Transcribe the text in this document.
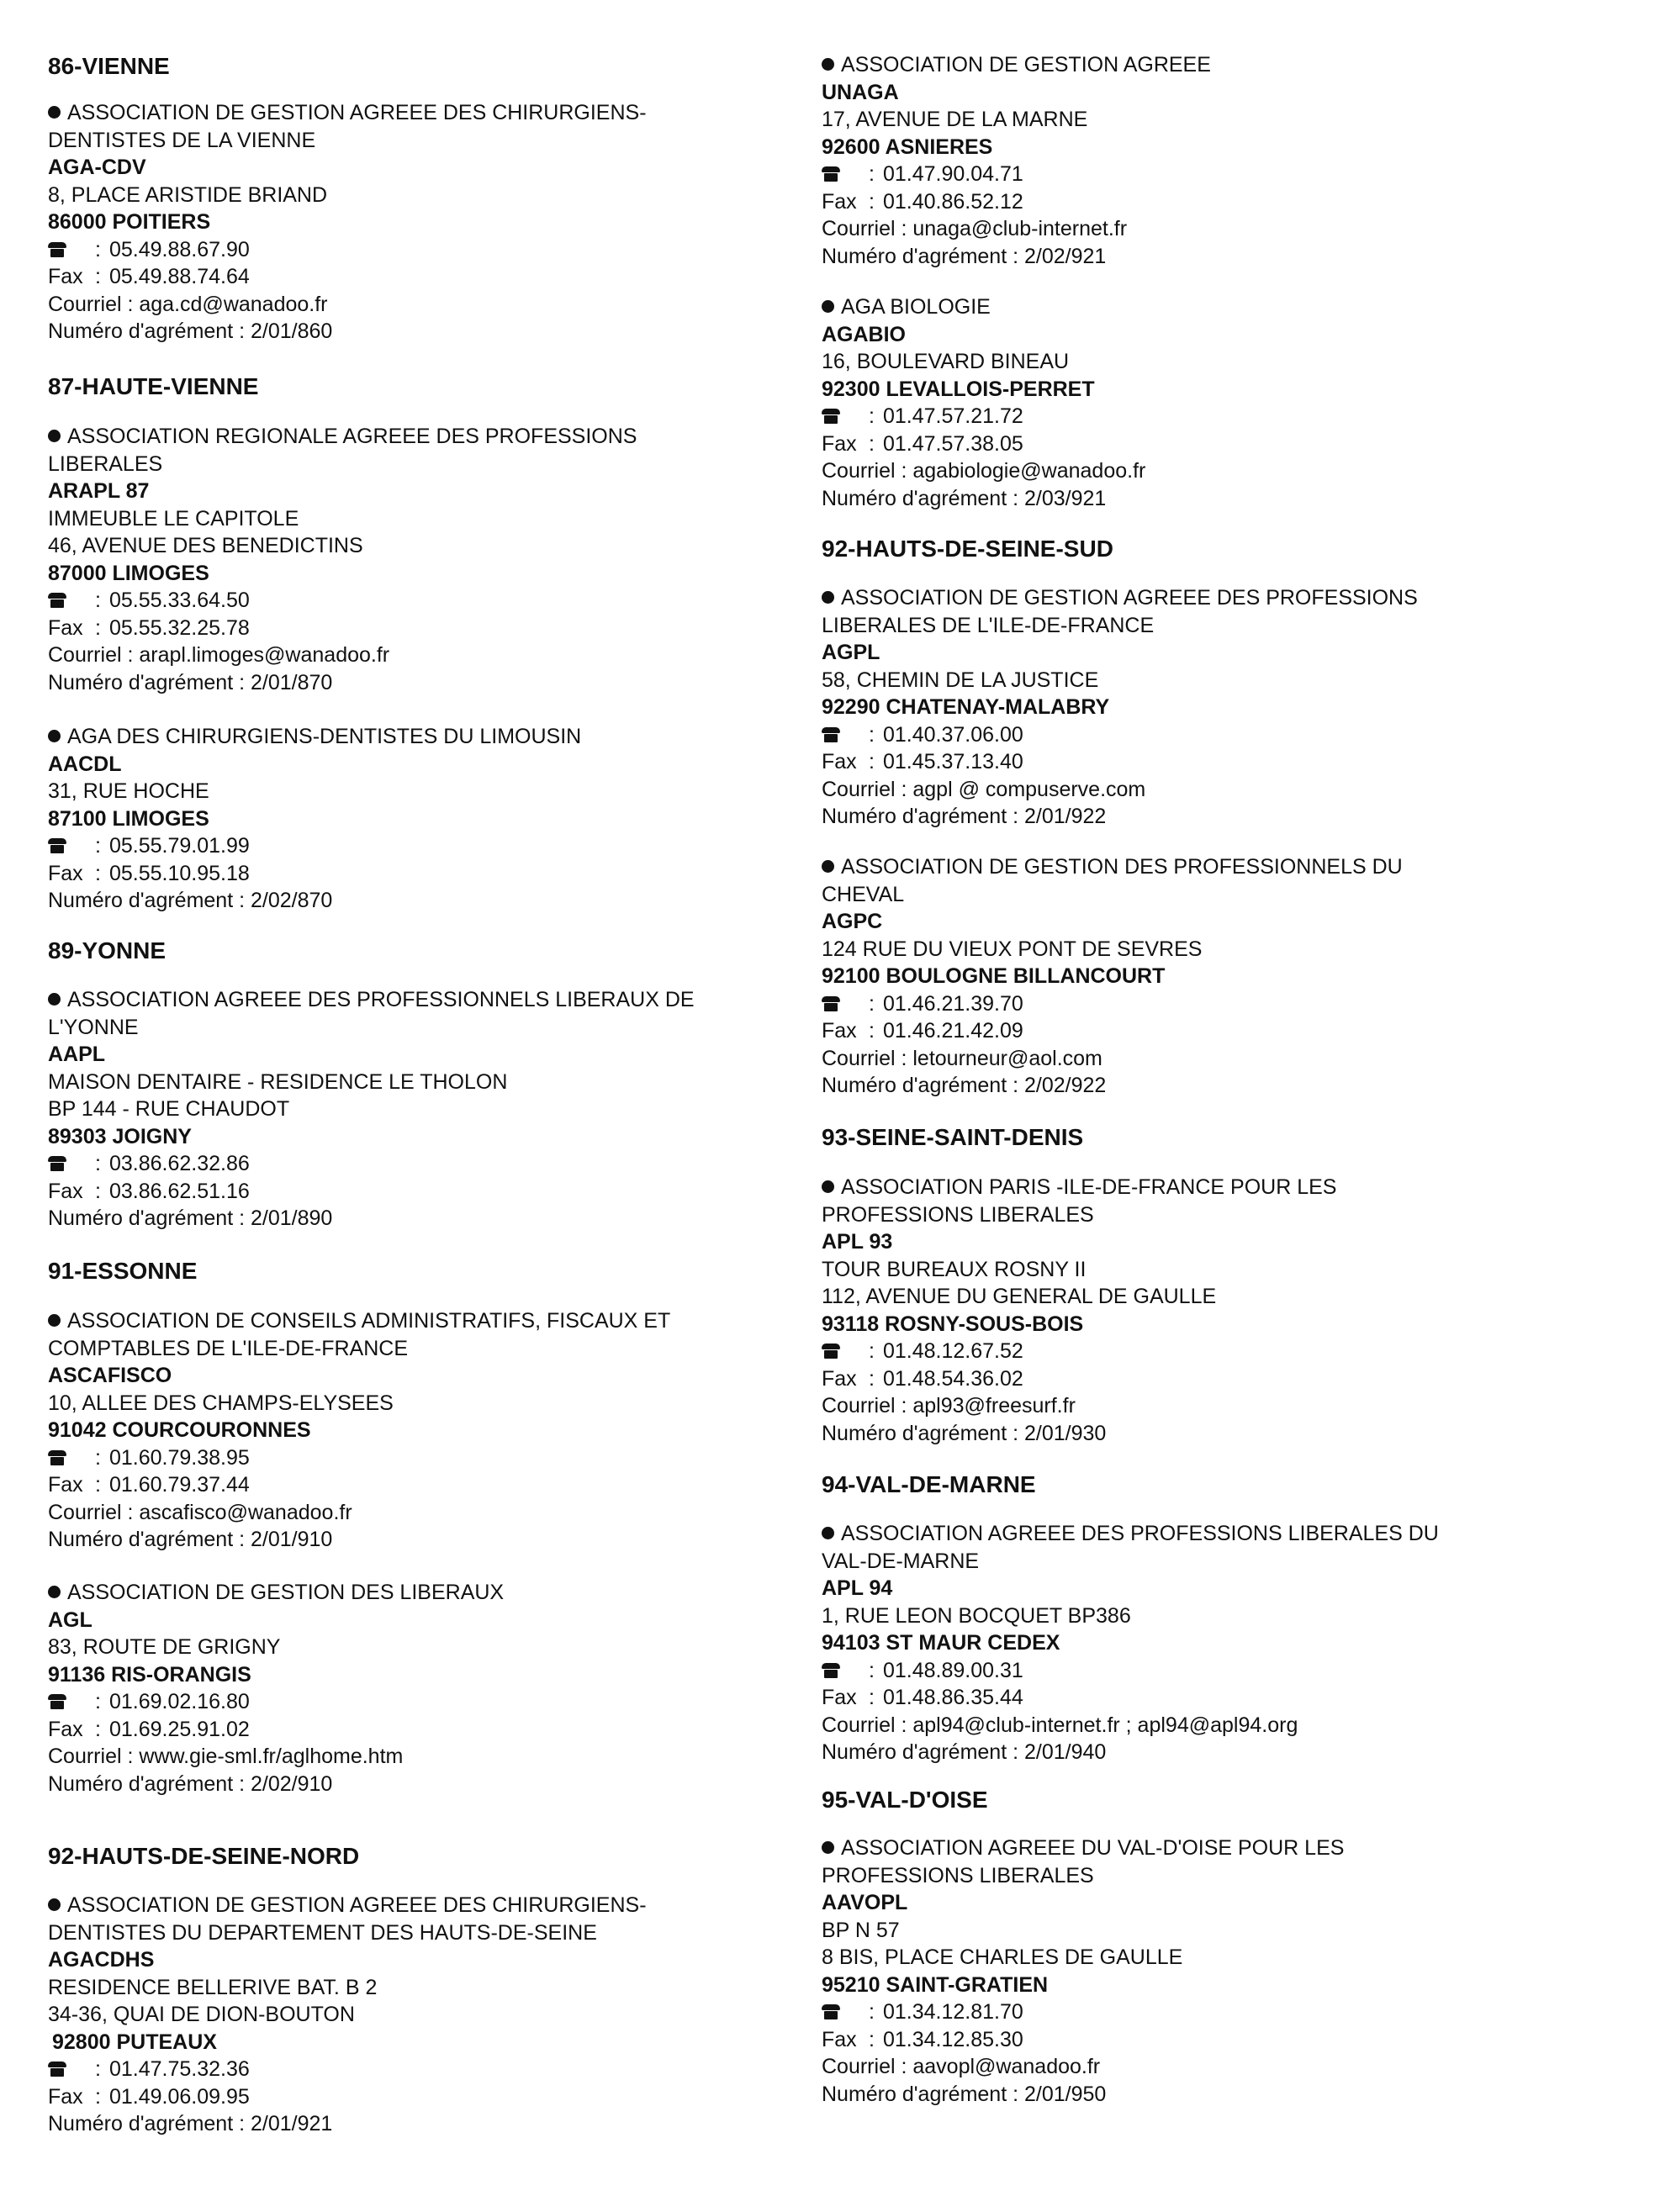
86-VIENNE
ASSOCIATION DE GESTION AGREEE DES CHIRURGIENS-
DENTISTES DE LA VIENNE
AGA-CDV
8, PLACE ARISTIDE BRIAND
86000 POITIERS
: 05.49.88.67.90
Fax : 05.49.88.74.64
Courriel : aga.cd@wanadoo.fr
Numéro d'agrément : 2/01/860
87-HAUTE-VIENNE
ASSOCIATION REGIONALE AGREEE DES PROFESSIONS
LIBERALES
ARAPL 87
IMMEUBLE LE CAPITOLE
46, AVENUE DES BENEDICTINS
87000 LIMOGES
: 05.55.33.64.50
Fax : 05.55.32.25.78
Courriel : arapl.limoges@wanadoo.fr
Numéro d'agrément : 2/01/870
AGA DES CHIRURGIENS-DENTISTES DU LIMOUSIN
AACDL
31, RUE HOCHE
87100 LIMOGES
: 05.55.79.01.99
Fax : 05.55.10.95.18
Numéro d'agrément : 2/02/870
89-YONNE
ASSOCIATION AGREEE DES PROFESSIONNELS LIBERAUX DE
L'YONNE
AAPL
MAISON DENTAIRE - RESIDENCE LE THOLON
BP 144 - RUE CHAUDOT
89303 JOIGNY
: 03.86.62.32.86
Fax : 03.86.62.51.16
Numéro d'agrément : 2/01/890
91-ESSONNE
ASSOCIATION DE CONSEILS ADMINISTRATIFS, FISCAUX ET
COMPTABLES DE L'ILE-DE-FRANCE
ASCAFISCO
10, ALLEE DES CHAMPS-ELYSEES
91042 COURCOURONNES
: 01.60.79.38.95
Fax : 01.60.79.37.44
Courriel : ascafisco@wanadoo.fr
Numéro d'agrément : 2/01/910
ASSOCIATION DE GESTION DES LIBERAUX
AGL
83, ROUTE DE GRIGNY
91136 RIS-ORANGIS
: 01.69.02.16.80
Fax : 01.69.25.91.02
Courriel : www.gie-sml.fr/aglhome.htm
Numéro d'agrément : 2/02/910
92-HAUTS-DE-SEINE-NORD
ASSOCIATION DE GESTION AGREEE DES CHIRURGIENS-
DENTISTES DU DEPARTEMENT DES HAUTS-DE-SEINE
AGACDHS
RESIDENCE BELLERIVE BAT. B 2
34-36, QUAI DE DION-BOUTON
92800 PUTEAUX
: 01.47.75.32.36
Fax : 01.49.06.09.95
Numéro d'agrément : 2/01/921
ASSOCIATION DE GESTION AGREEE
UNAGA
17, AVENUE DE LA MARNE
92600 ASNIERES
: 01.47.90.04.71
Fax : 01.40.86.52.12
Courriel : unaga@club-internet.fr
Numéro d'agrément : 2/02/921
AGA BIOLOGIE
AGABIO
16, BOULEVARD BINEAU
92300 LEVALLOIS-PERRET
: 01.47.57.21.72
Fax : 01.47.57.38.05
Courriel : agabiologie@wanadoo.fr
Numéro d'agrément : 2/03/921
92-HAUTS-DE-SEINE-SUD
ASSOCIATION DE GESTION AGREEE DES PROFESSIONS
LIBERALES DE L'ILE-DE-FRANCE
AGPL
58, CHEMIN DE LA JUSTICE
92290 CHATENAY-MALABRY
: 01.40.37.06.00
Fax : 01.45.37.13.40
Courriel : agpl @ compuserve.com
Numéro d'agrément : 2/01/922
ASSOCIATION DE GESTION DES PROFESSIONNELS DU
CHEVAL
AGPC
124 RUE DU VIEUX PONT DE SEVRES
92100 BOULOGNE BILLANCOURT
: 01.46.21.39.70
Fax : 01.46.21.42.09
Courriel : letourneur@aol.com
Numéro d'agrément : 2/02/922
93-SEINE-SAINT-DENIS
ASSOCIATION PARIS -ILE-DE-FRANCE POUR LES
PROFESSIONS LIBERALES
APL 93
TOUR BUREAUX ROSNY II
112, AVENUE DU GENERAL DE GAULLE
93118 ROSNY-SOUS-BOIS
: 01.48.12.67.52
Fax : 01.48.54.36.02
Courriel : apl93@freesurf.fr
Numéro d'agrément : 2/01/930
94-VAL-DE-MARNE
ASSOCIATION AGREEE DES PROFESSIONS LIBERALES DU
VAL-DE-MARNE
APL 94
1, RUE LEON BOCQUET BP386
94103 ST MAUR CEDEX
: 01.48.89.00.31
Fax : 01.48.86.35.44
Courriel : apl94@club-internet.fr ; apl94@apl94.org
Numéro d'agrément : 2/01/940
95-VAL-D'OISE
ASSOCIATION AGREEE DU VAL-D'OISE POUR LES
PROFESSIONS LIBERALES
AAVOPL
BP N 57
8 BIS, PLACE CHARLES DE GAULLE
95210 SAINT-GRATIEN
: 01.34.12.81.70
Fax : 01.34.12.85.30
Courriel : aavopl@wanadoo.fr
Numéro d'agrément : 2/01/950
